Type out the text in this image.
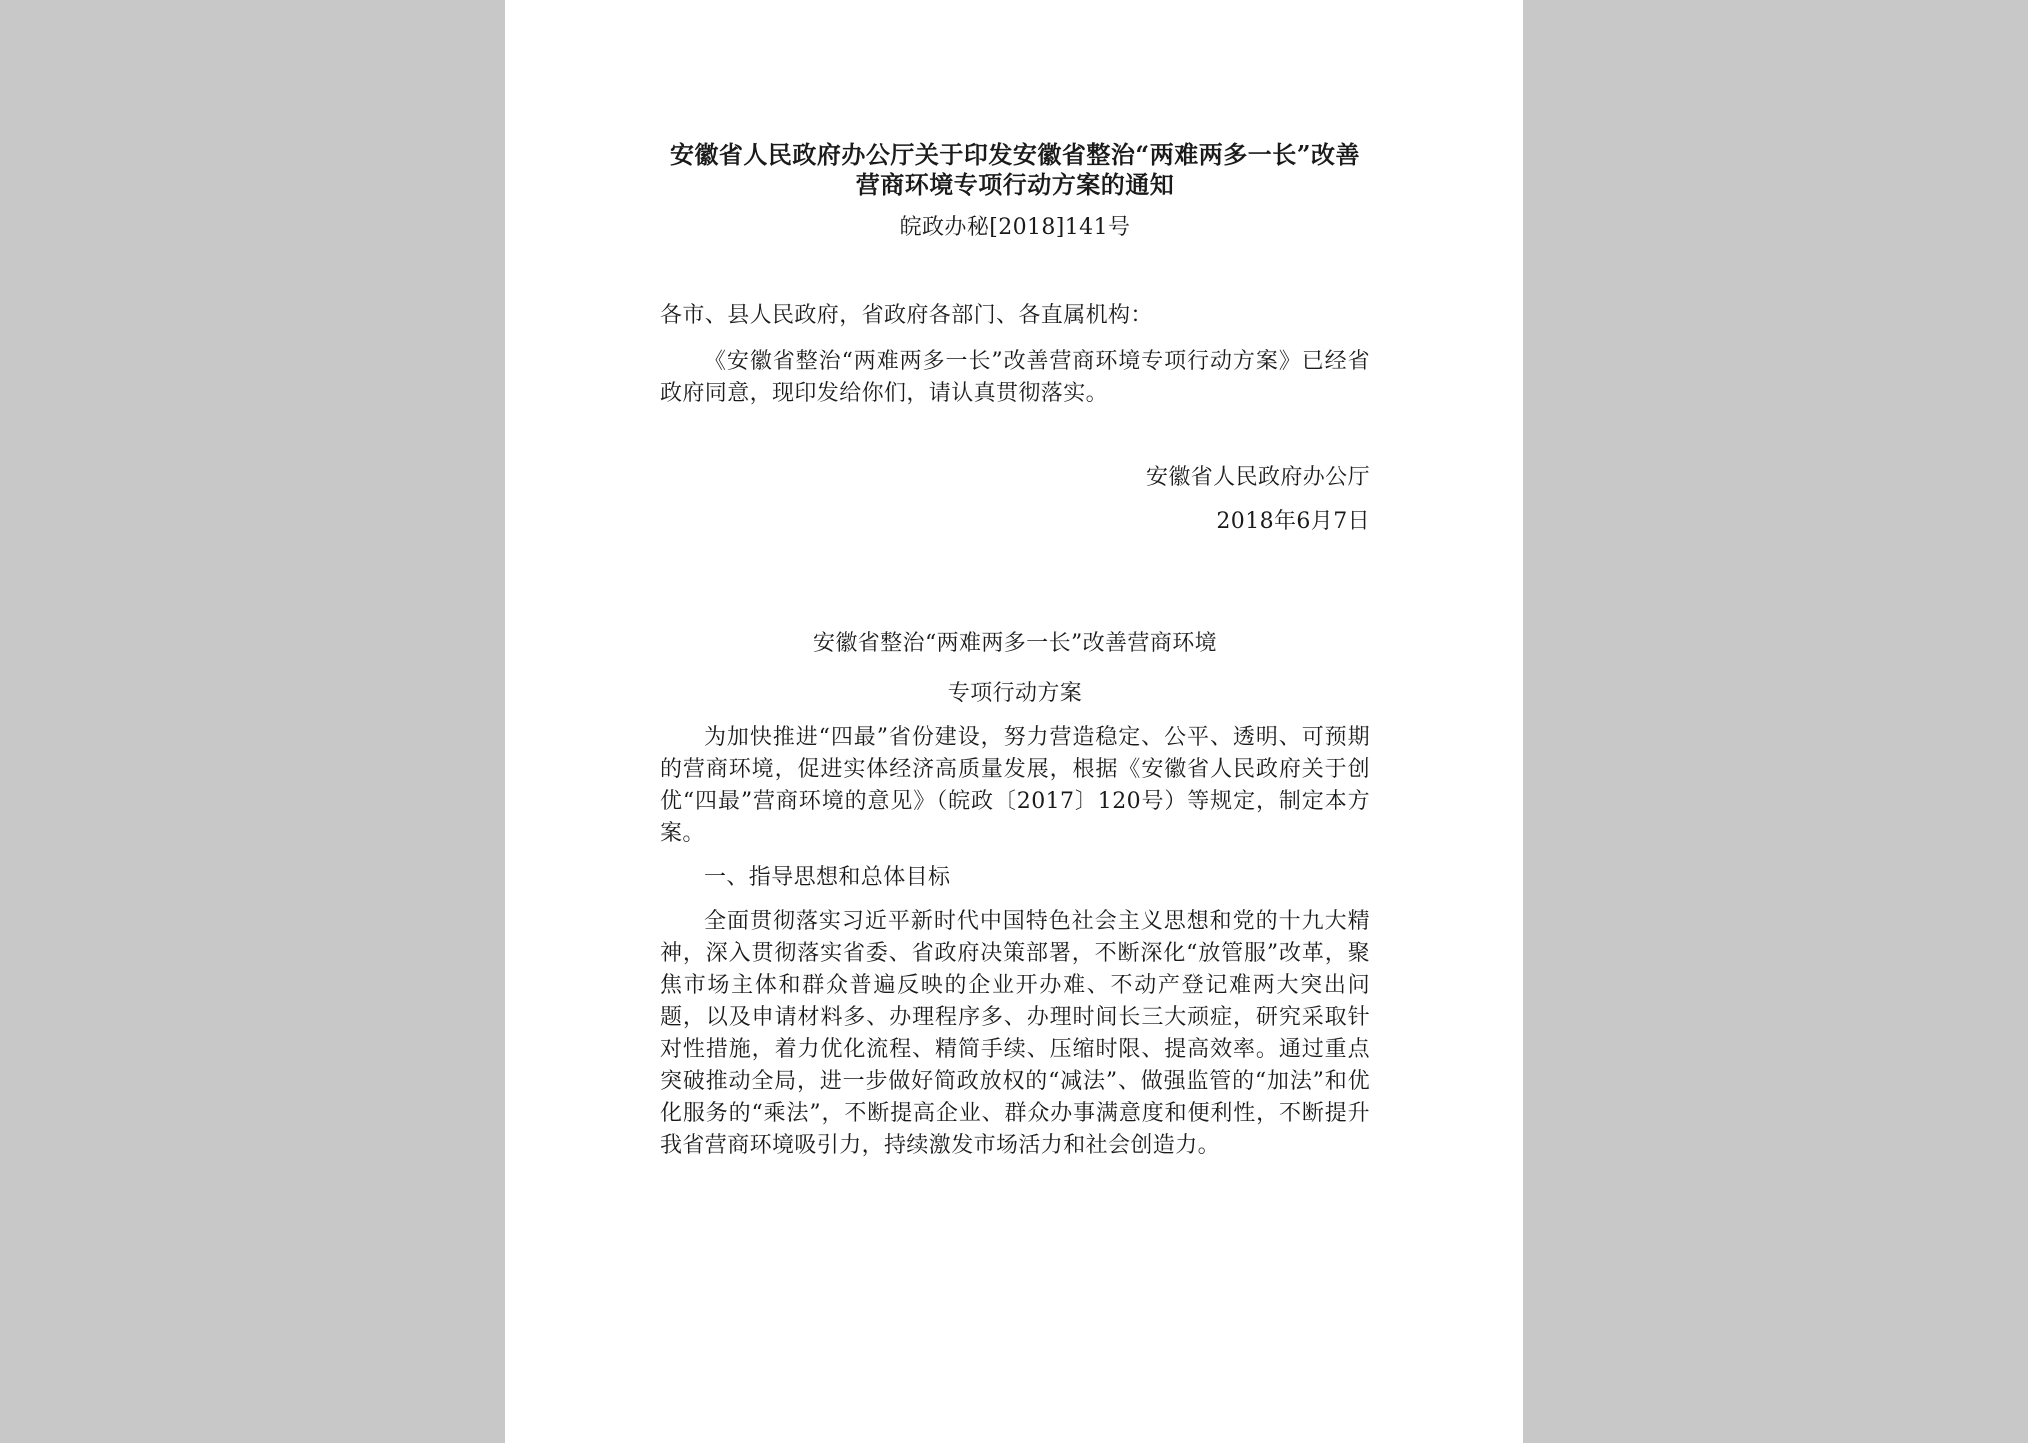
安徽省人民政府办公厅关于印发安徽省整治“两难两多一长”改善

营商环境专项行动方案的通知

皖政办秘[2018]141号

各市、县人民政府，省政府各部门、各直属机构：

《安徽省整治“两难两多一长”改善营商环境专项行动方案》已经省政府同意，现印发给你们，请认真贯彻落实。

安徽省人民政府办公厅

2018年6月7日

安徽省整治“两难两多一长”改善营商环境

专项行动方案

为加快推进“四最”省份建设，努力营造稳定、公平、透明、可预期的营商环境，促进实体经济高质量发展，根据《安徽省人民政府关于创优“四最”营商环境的意见》（皖政〔2017〕120号）等规定，制定本方案。

一、指导思想和总体目标

全面贯彻落实习近平新时代中国特色社会主义思想和党的十九大精神，深入贯彻落实省委、省政府决策部署，不断深化“放管服”改革，聚焦市场主体和群众普遍反映的企业开办难、不动产登记难两大突出问题，以及申请材料多、办理程序多、办理时间长三大顽症，研究采取针对性措施，着力优化流程、精简手续、压缩时限、提高效率。通过重点突破推动全局，进一步做好简政放权的“减法”、做强监管的“加法”和优化服务的“乘法”，不断提高企业、群众办事满意度和便利性，不断提升我省营商环境吸引力，持续激发市场活力和社会创造力。
